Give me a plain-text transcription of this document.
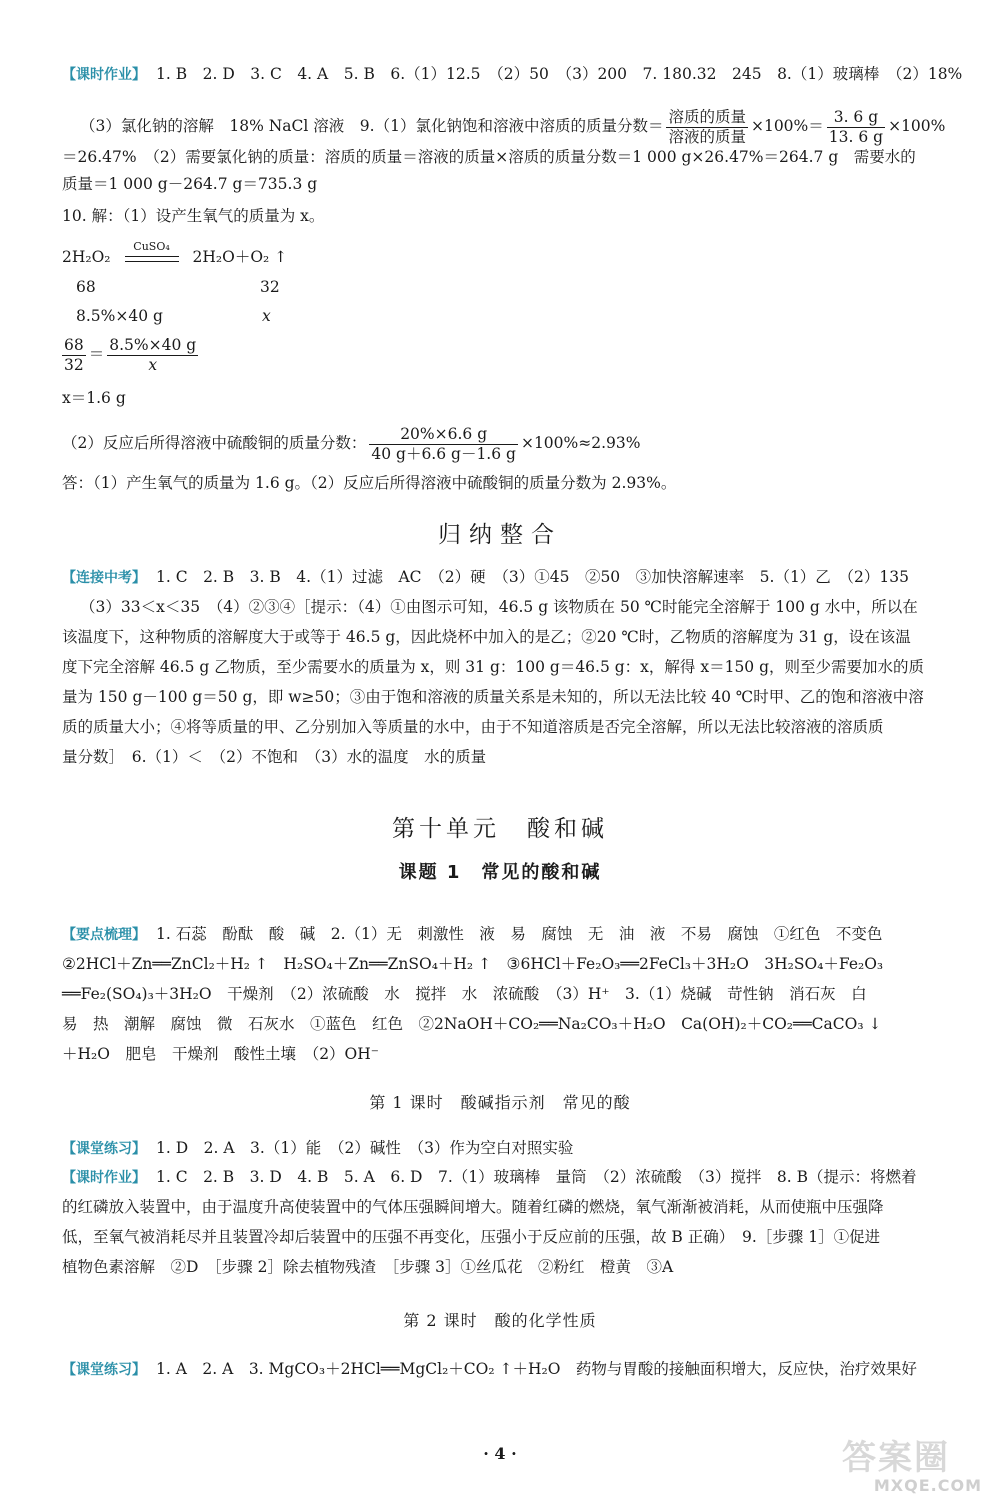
【课时作业】 1. B　2. D　3. C　4. A　5. B　6.（1）12.5　（2）50　（3）200　7. 180.32　245　8.（1）玻璃棒　（2）18%
（3）氯化钠的溶解　18% NaCl 溶液　9.（1）氯化钠饱和溶液中溶质的质量分数＝ $\frac{\text{溶质的质量}}{\text{溶液的质量}} \times 100\%= \frac{3. 6 g}{13. 6 g} \times 100\%$
＝26.47%　（2）需要氯化钠的质量：溶质的质量＝溶液的质量×溶质的质量分数＝1 000 g×26.47%＝264.7 g　需要水的
质量＝1 000 g－264.7 g＝735.3 g
10. 解：（1）设产生氧气的质量为 x。
2H₂O₂
CuSO₄
2H₂O＋O₂ ↑
68	32
8.5%×40 g	x
$\frac{68}{32} = \frac{8.5\%\times 40 g}{x}$
x＝1.6 g
（2）反应后所得溶液中硫酸铜的质量分数： $\frac{20\%\times 6.6 g}{40 g+6.6 g-1.6 g} \times 100\%\approx 2.93\%$
答：（1）产生氧气的质量为 1.6 g。（2）反应后所得溶液中硫酸铜的质量分数为 2.93%。
归纳整合
【连接中考】 1. C　2. B　3. B　4.（1）过滤　AC　（2）硬　（3）①45　②50　③加快溶解速率　5.（1）乙　（2）135
（3）33＜x＜35　（4）②③④［提示：（4）①由图示可知，46.5 g 该物质在 50 ℃时能完全溶解于 100 g 水中，所以在
该温度下，这种物质的溶解度大于或等于 46.5 g，因此烧杯中加入的是乙；②20 ℃时，乙物质的溶解度为 31 g，设在该温
度下完全溶解 46.5 g 乙物质，至少需要水的质量为 x，则 31 g：100 g＝46.5 g：x，解得 x＝150 g，则至少需要加水的质
量为 150 g－100 g＝50 g，即 w≥50；③由于饱和溶液的质量关系是未知的，所以无法比较 40 ℃时甲、乙的饱和溶液中溶
质的质量大小；④将等质量的甲、乙分别加入等质量的水中，由于不知道溶质是否完全溶解，所以无法比较溶液的溶质质
量分数］　6.（1）＜　（2）不饱和　（3）水的温度　水的质量
第十单元　酸和碱
课题 1　常见的酸和碱
【要点梳理】 1. 石蕊　酚酞　酸　碱　2.（1）无　刺激性　液　易　腐蚀　无　油　液　不易　腐蚀　①红色　不变色
②2HCl＋Zn══ZnCl₂＋H₂ ↑　H₂SO₄＋Zn══ZnSO₄＋H₂ ↑　③6HCl＋Fe₂O₃══2FeCl₃＋3H₂O　3H₂SO₄＋Fe₂O₃
══Fe₂(SO₄)₃＋3H₂O　干燥剂　（2）浓硫酸　水　搅拌　水　浓硫酸　（3）H⁺　3.（1）烧碱　苛性钠　消石灰　白
易　热　潮解　腐蚀　微　石灰水　①蓝色　红色　②2NaOH＋CO₂══Na₂CO₃＋H₂O　Ca(OH)₂＋CO₂══CaCO₃ ↓
＋H₂O　肥皂　干燥剂　酸性土壤　（2）OH⁻
第 1 课时　酸碱指示剂　常见的酸
【课堂练习】 1. D　2. A　3.（1）能　（2）碱性　（3）作为空白对照实验
【课时作业】 1. C　2. B　3. D　4. B　5. A　6. D　7.（1）玻璃棒　量筒　（2）浓硫酸　（3）搅拌　8. B（提示：将燃着
的红磷放入装置中，由于温度升高使装置中的气体压强瞬间增大。随着红磷的燃烧，氧气渐渐被消耗，从而使瓶中压强降
低，至氧气被消耗尽并且装置冷却后装置中的压强不再变化，压强小于反应前的压强，故 B 正确）　9.［步骤 1］①促进
植物色素溶解　②D　［步骤 2］除去植物残渣　［步骤 3］①丝瓜花　②粉红　橙黄　③A
第 2 课时　酸的化学性质
【课堂练习】 1. A　2. A　3. MgCO₃＋2HCl══MgCl₂＋CO₂ ↑＋H₂O　药物与胃酸的接触面积增大，反应快，治疗效果好
· 4 ·	答案圈
MXQE.COM
